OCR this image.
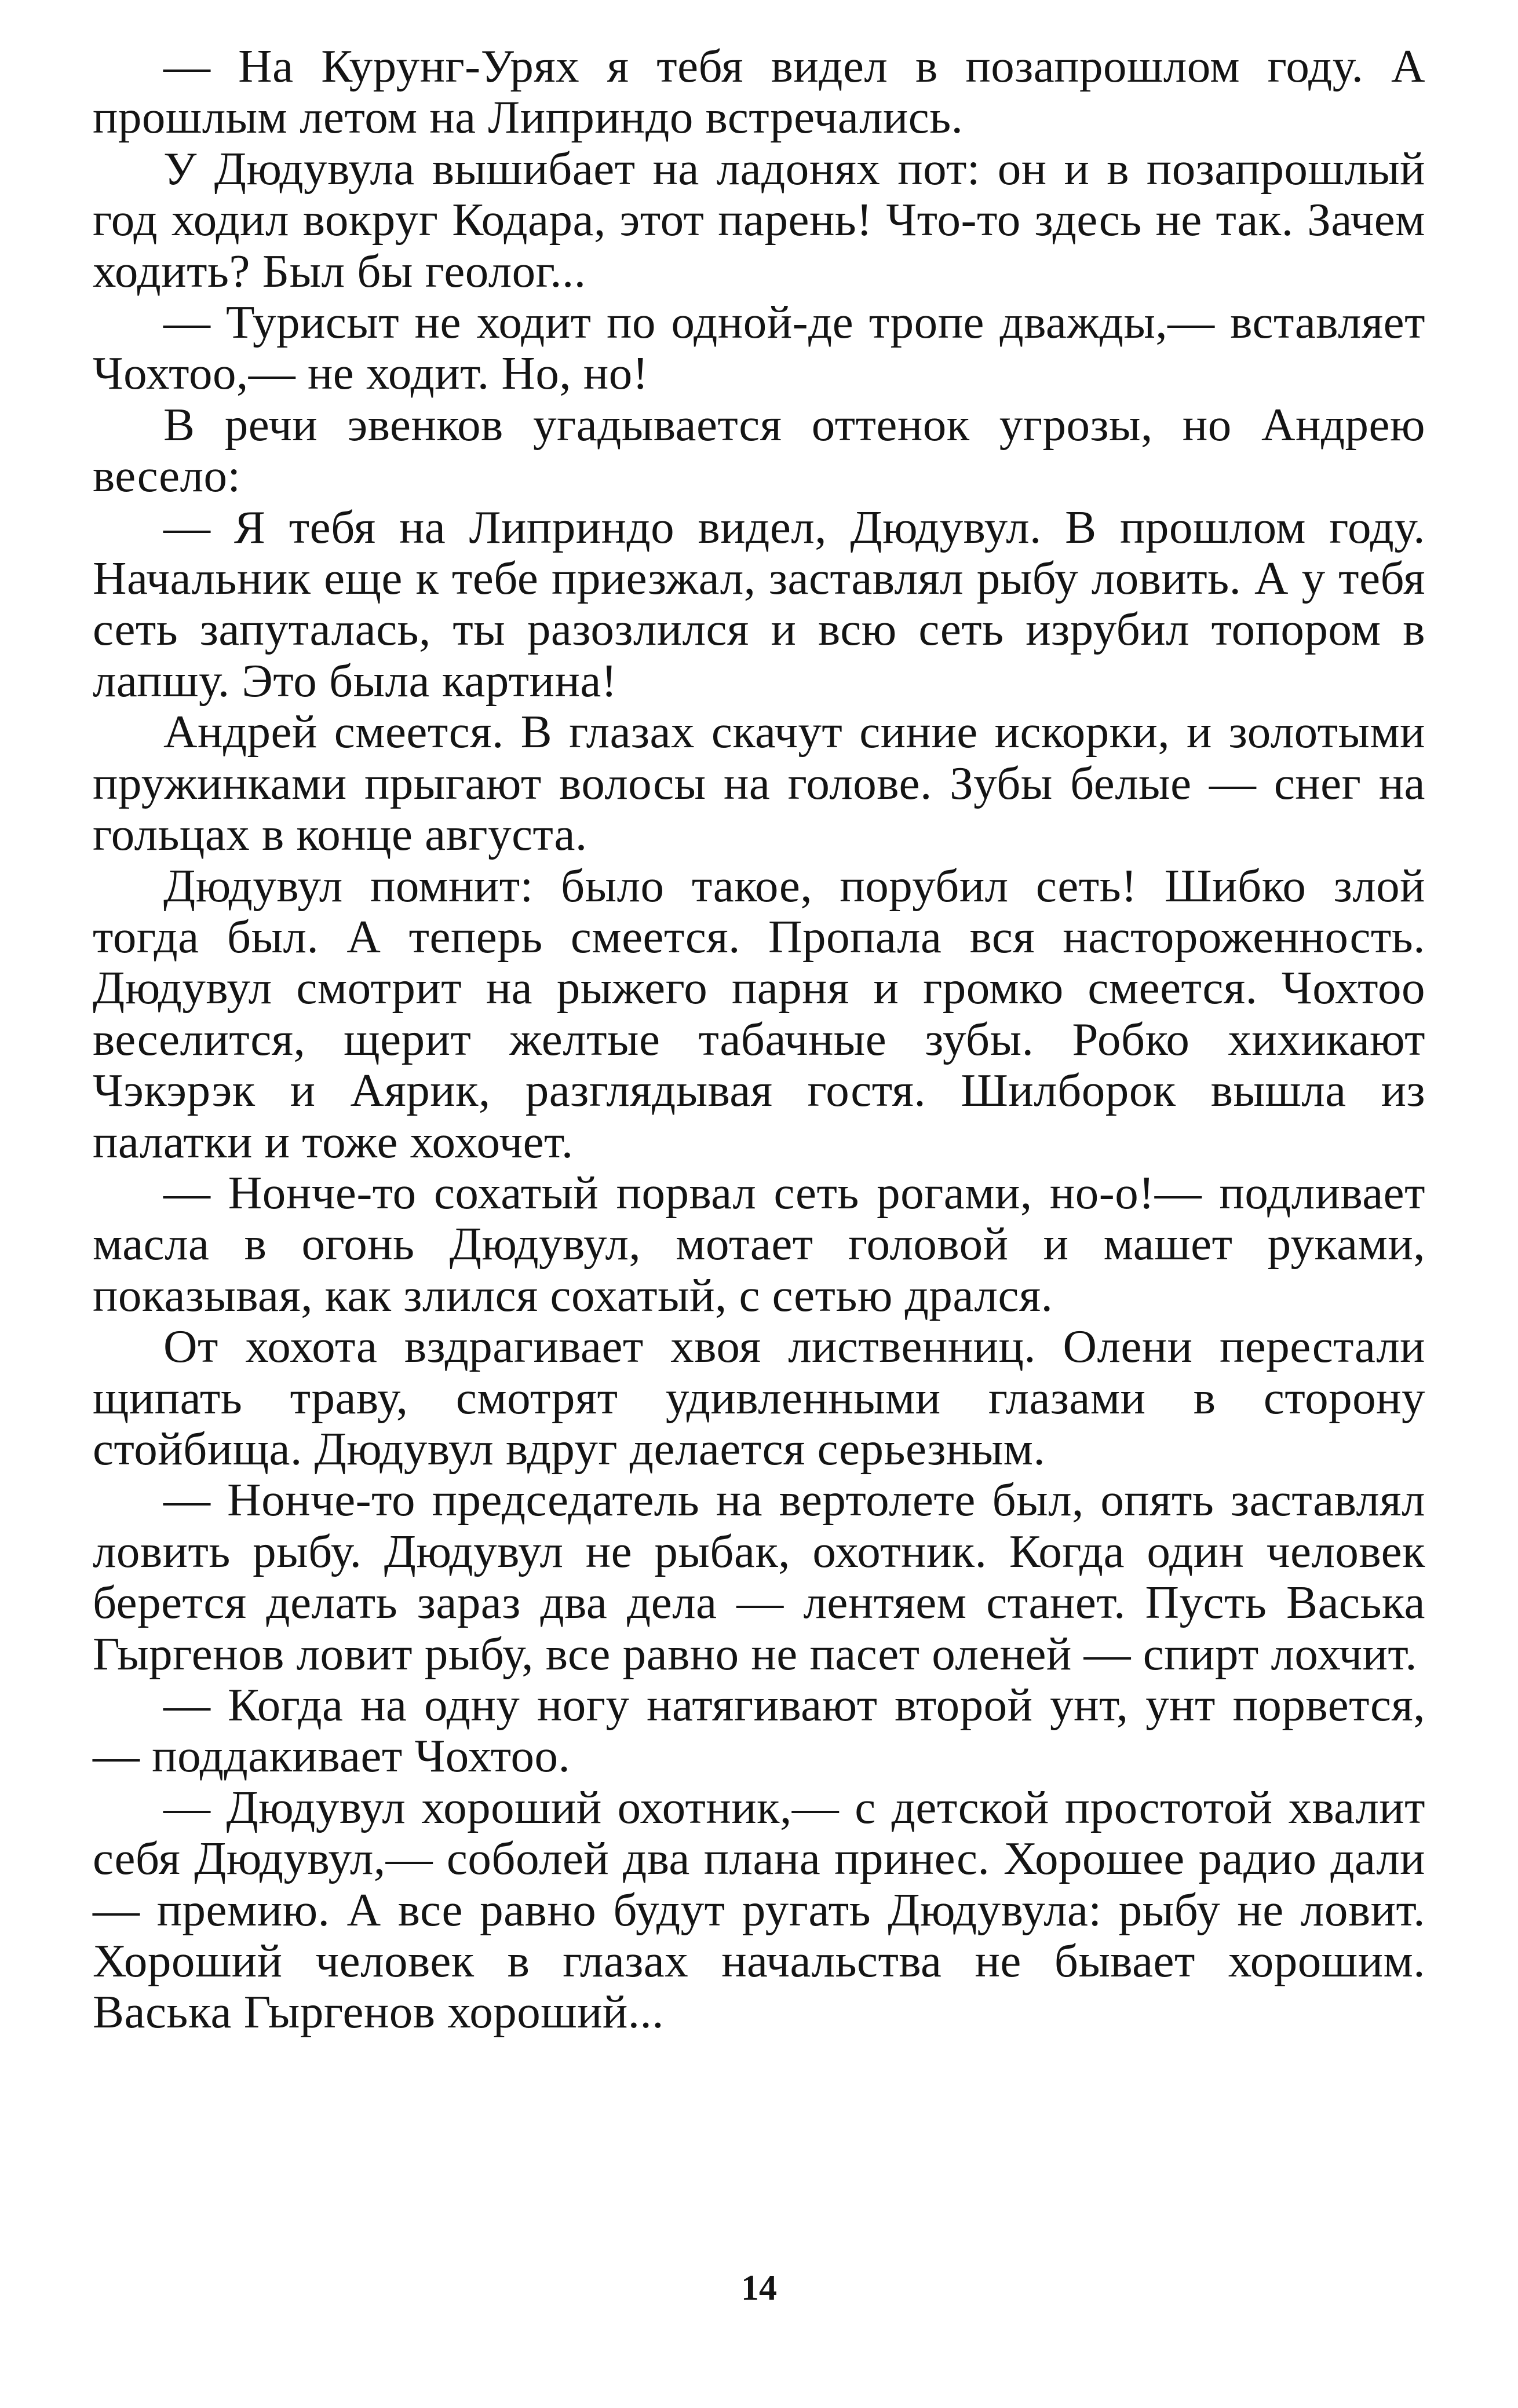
— На Курунг-Урях я тебя видел в позапрошлом году. А прошлым летом на Липриндо встречались.

У Дюдувула вышибает на ладонях пот: он и в позапрошлый год ходил вокруг Кодара, этот парень! Что-то здесь не так. Зачем ходить? Был бы геолог...

— Турисыт не ходит по одной-де тропе дважды,— вставляет Чохтоо,— не ходит. Но, но!

В речи эвенков угадывается оттенок угрозы, но Андрею весело:

— Я тебя на Липриндо видел, Дюдувул. В прошлом году. Начальник еще к тебе приезжал, заставлял рыбу ловить. А у тебя сеть запуталась, ты разозлился и всю сеть изрубил топором в лапшу. Это была картина!

Андрей смеется. В глазах скачут синие искорки, и золотыми пружинками прыгают волосы на голове. Зубы белые — снег на гольцах в конце августа.

Дюдувул помнит: было такое, порубил сеть! Шибко злой тогда был. А теперь смеется. Пропала вся настороженность. Дюдувул смотрит на рыжего парня и громко смеется. Чохтоо веселится, щерит желтые табачные зубы. Робко хихикают Чэкэрэк и Аярик, разглядывая гостя. Шилборок вышла из палатки и тоже хохочет.

— Нонче-то сохатый порвал сеть рогами, но-о!— подливает масла в огонь Дюдувул, мотает головой и машет руками, показывая, как злился сохатый, с сетью дрался.

От хохота вздрагивает хвоя лиственниц. Олени перестали щипать траву, смотрят удивленными глазами в сторону стойбища. Дюдувул вдруг делается серьезным.

— Нонче-то председатель на вертолете был, опять заставлял ловить рыбу. Дюдувул не рыбак, охотник. Когда один человек берется делать зараз два дела — лентяем станет. Пусть Васька Гыргенов ловит рыбу, все равно не пасет оленей — спирт лохчит.

— Когда на одну ногу натягивают второй унт, унт порвется,— поддакивает Чохтоо.

— Дюдувул хороший охотник,— с детской простотой хвалит себя Дюдувул,— соболей два плана принес. Хорошее радио дали — премию. А все равно будут ругать Дюдувула: рыбу не ловит. Хороший человек в глазах начальства не бывает хорошим. Васька Гыргенов хороший...

14
